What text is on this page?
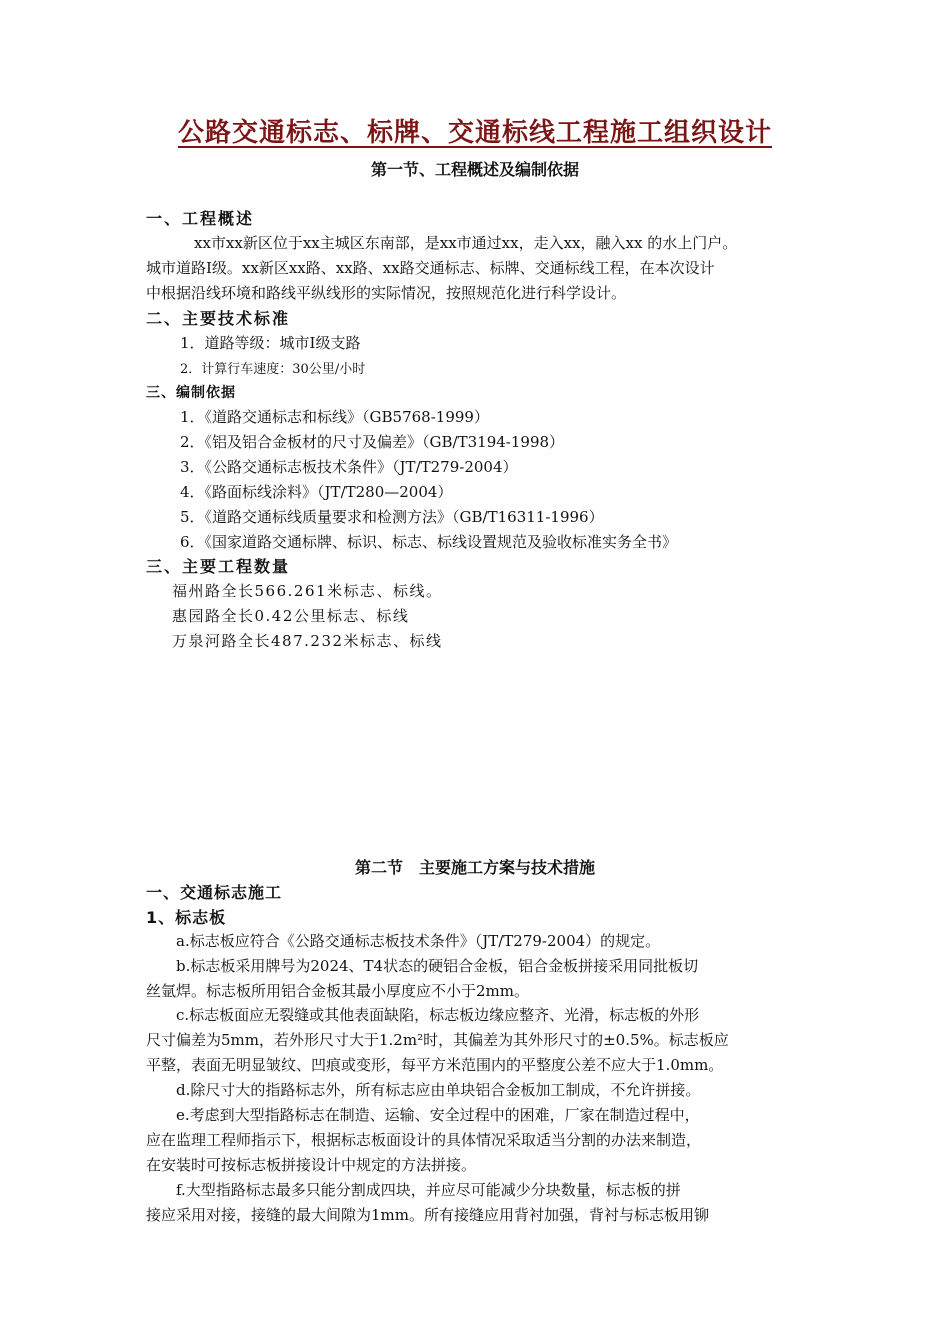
公路交通标志、标牌、交通标线工程施工组织设计
第一节、工程概述及编制依据
一、工程概述
xx市xx新区位于xx主城区东南部，是xx市通过xx，走入xx，融入xx 的水上门户。
城市道路Ⅰ级。xx新区xx路、xx路、xx路交通标志、标牌、交通标线工程，在本次设计
中根据沿线环境和路线平纵线形的实际情况，按照规范化进行科学设计。
二、主要技术标准
1．道路等级：城市Ⅰ级支路
2．计算行车速度：30公里/小时
三、编制依据
1．《道路交通标志和标线》（GB5768-1999）
2．《铝及铝合金板材的尺寸及偏差》（GB/T3194-1998）
3．《公路交通标志板技术条件》（JT/T279-2004）
4．《路面标线涂料》（JT/T280—2004）
5．《道路交通标线质量要求和检测方法》（GB/T16311-1996）
6．《国家道路交通标牌、标识、标志、标线设置规范及验收标准实务全书》
三、主要工程数量
福州路全长566.261米标志、标线。
惠园路全长0.42公里标志、标线
万泉河路全长487.232米标志、标线
第二节　主要施工方案与技术措施
一、交通标志施工
1、标志板
a.标志板应符合《公路交通标志板技术条件》（JT/T279-2004）的规定。
b.标志板采用牌号为2024、T4状态的硬铝合金板，铝合金板拼接采用同批板切
丝氩焊。标志板所用铝合金板其最小厚度应不小于2mm。
c.标志板面应无裂缝或其他表面缺陷，标志板边缘应整齐、光滑，标志板的外形
尺寸偏差为5mm，若外形尺寸大于1.2m²时，其偏差为其外形尺寸的±0.5%。标志板应
平整，表面无明显皱纹、凹痕或变形，每平方米范围内的平整度公差不应大于1.0mm。
d.除尺寸大的指路标志外，所有标志应由单块铝合金板加工制成，不允许拼接。
e.考虑到大型指路标志在制造、运输、安全过程中的困难，厂家在制造过程中，
应在监理工程师指示下，根据标志板面设计的具体情况采取适当分割的办法来制造，
在安装时可按标志板拼接设计中规定的方法拼接。
f.大型指路标志最多只能分割成四块，并应尽可能减少分块数量，标志板的拼
接应采用对接，接缝的最大间隙为1mm。所有接缝应用背衬加强，背衬与标志板用铆
